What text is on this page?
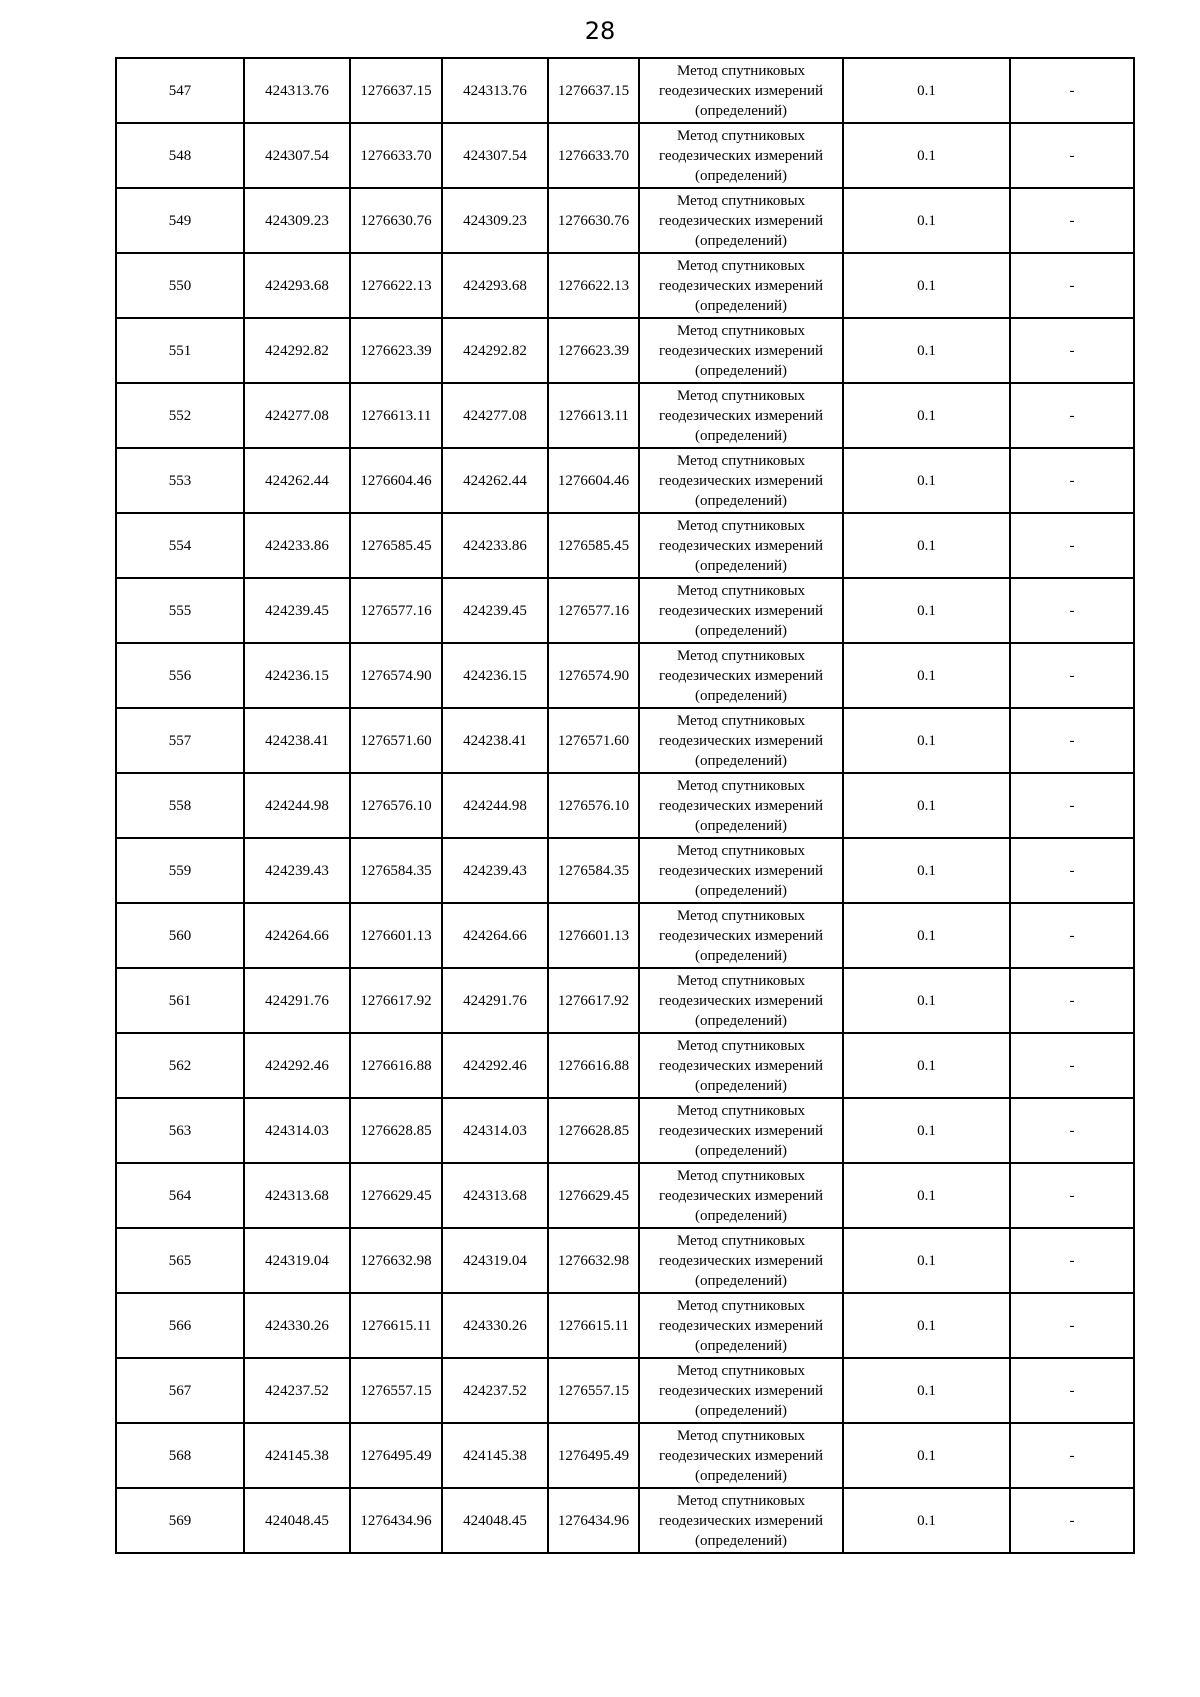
28
547	424313.76	1276637.15	424313.76	1276637.15	Метод спутниковых
геодезических измерений
(определений)	0.1	-
548	424307.54	1276633.70	424307.54	1276633.70	Метод спутниковых
геодезических измерений
(определений)	0.1	-
549	424309.23	1276630.76	424309.23	1276630.76	Метод спутниковых
геодезических измерений
(определений)	0.1	-
550	424293.68	1276622.13	424293.68	1276622.13	Метод спутниковых
геодезических измерений
(определений)	0.1	-
551	424292.82	1276623.39	424292.82	1276623.39	Метод спутниковых
геодезических измерений
(определений)	0.1	-
552	424277.08	1276613.11	424277.08	1276613.11	Метод спутниковых
геодезических измерений
(определений)	0.1	-
553	424262.44	1276604.46	424262.44	1276604.46	Метод спутниковых
геодезических измерений
(определений)	0.1	-
554	424233.86	1276585.45	424233.86	1276585.45	Метод спутниковых
геодезических измерений
(определений)	0.1	-
555	424239.45	1276577.16	424239.45	1276577.16	Метод спутниковых
геодезических измерений
(определений)	0.1	-
556	424236.15	1276574.90	424236.15	1276574.90	Метод спутниковых
геодезических измерений
(определений)	0.1	-
557	424238.41	1276571.60	424238.41	1276571.60	Метод спутниковых
геодезических измерений
(определений)	0.1	-
558	424244.98	1276576.10	424244.98	1276576.10	Метод спутниковых
геодезических измерений
(определений)	0.1	-
559	424239.43	1276584.35	424239.43	1276584.35	Метод спутниковых
геодезических измерений
(определений)	0.1	-
560	424264.66	1276601.13	424264.66	1276601.13	Метод спутниковых
геодезических измерений
(определений)	0.1	-
561	424291.76	1276617.92	424291.76	1276617.92	Метод спутниковых
геодезических измерений
(определений)	0.1	-
562	424292.46	1276616.88	424292.46	1276616.88	Метод спутниковых
геодезических измерений
(определений)	0.1	-
563	424314.03	1276628.85	424314.03	1276628.85	Метод спутниковых
геодезических измерений
(определений)	0.1	-
564	424313.68	1276629.45	424313.68	1276629.45	Метод спутниковых
геодезических измерений
(определений)	0.1	-
565	424319.04	1276632.98	424319.04	1276632.98	Метод спутниковых
геодезических измерений
(определений)	0.1	-
566	424330.26	1276615.11	424330.26	1276615.11	Метод спутниковых
геодезических измерений
(определений)	0.1	-
567	424237.52	1276557.15	424237.52	1276557.15	Метод спутниковых
геодезических измерений
(определений)	0.1	-
568	424145.38	1276495.49	424145.38	1276495.49	Метод спутниковых
геодезических измерений
(определений)	0.1	-
569	424048.45	1276434.96	424048.45	1276434.96	Метод спутниковых
геодезических измерений
(определений)	0.1	-
